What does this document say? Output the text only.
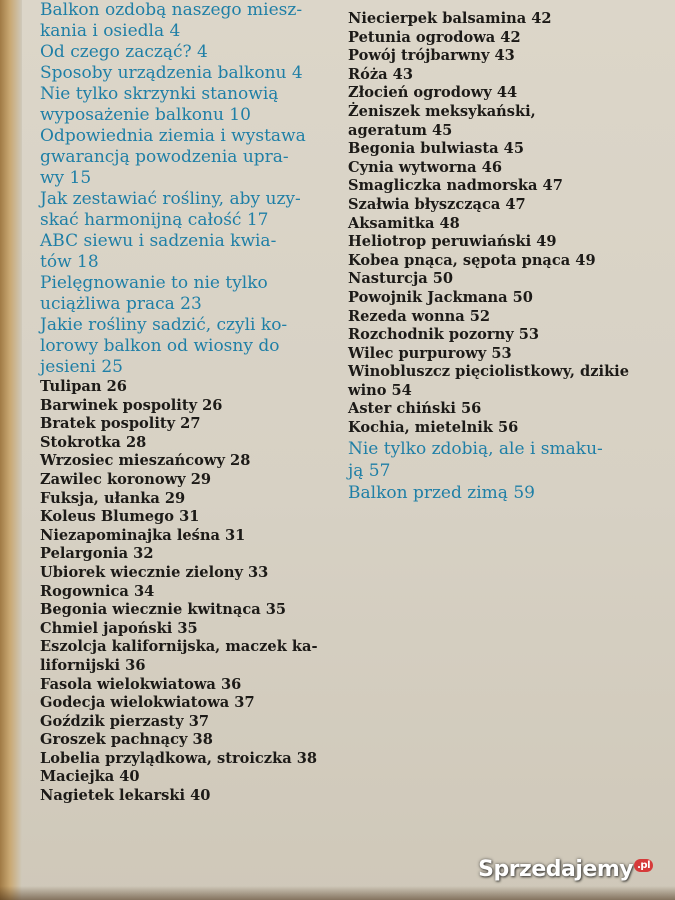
Balkon ozdobą naszego miesz-

kania i osiedla 4

Od czego zacząć? 4

Sposoby urządzenia balkonu 4

Nie tylko skrzynki stanowią

wyposażenie balkonu 10

Odpowiednia ziemia i wystawa

gwarancją powodzenia upra-

wy 15

Jak zestawiać rośliny, aby uzy-

skać harmonijną całość 17

ABC siewu i sadzenia kwia-

tów 18

Pielęgnowanie to nie tylko

uciążliwa praca 23

Jakie rośliny sadzić, czyli ko-

lorowy balkon od wiosny do

jesieni 25

Tulipan 26

Barwinek pospolity 26

Bratek pospolity 27

Stokrotka 28

Wrzosiec mieszańcowy 28

Zawilec koronowy 29

Fuksja, ułanka 29

Koleus Blumego 31

Niezapominajka leśna 31

Pelargonia 32

Ubiorek wiecznie zielony 33

Rogownica 34

Begonia wiecznie kwitnąca 35

Chmiel japoński 35

Eszolcja kalifornijska, maczek ka-

lifornijski 36

Fasola wielokwiatowa 36

Godecja wielokwiatowa 37

Goździk pierzasty 37

Groszek pachnący 38

Lobelia przylądkowa, stroiczka 38

Maciejka 40

Nagietek lekarski 40

Niecierpek balsamina 42

Petunia ogrodowa 42

Powój trójbarwny 43

Róża 43

Złocień ogrodowy 44

Żeniszek meksykański,

ageratum 45

Begonia bulwiasta 45

Cynia wytworna 46

Smagliczka nadmorska 47

Szałwia błyszcząca 47

Aksamitka 48

Heliotrop peruwiański 49

Kobea pnąca, sępota pnąca 49

Nasturcja 50

Powojnik Jackmana 50

Rezeda wonna 52

Rozchodnik pozorny 53

Wilec purpurowy 53

Winobluszcz pięciolistkowy, dzikie

wino 54

Aster chiński 56

Kochia, mietelnik 56

Nie tylko zdobią, ale i smaku-

ją 57

Balkon przed zimą 59

Sprzedajemy $^{.pl}$
